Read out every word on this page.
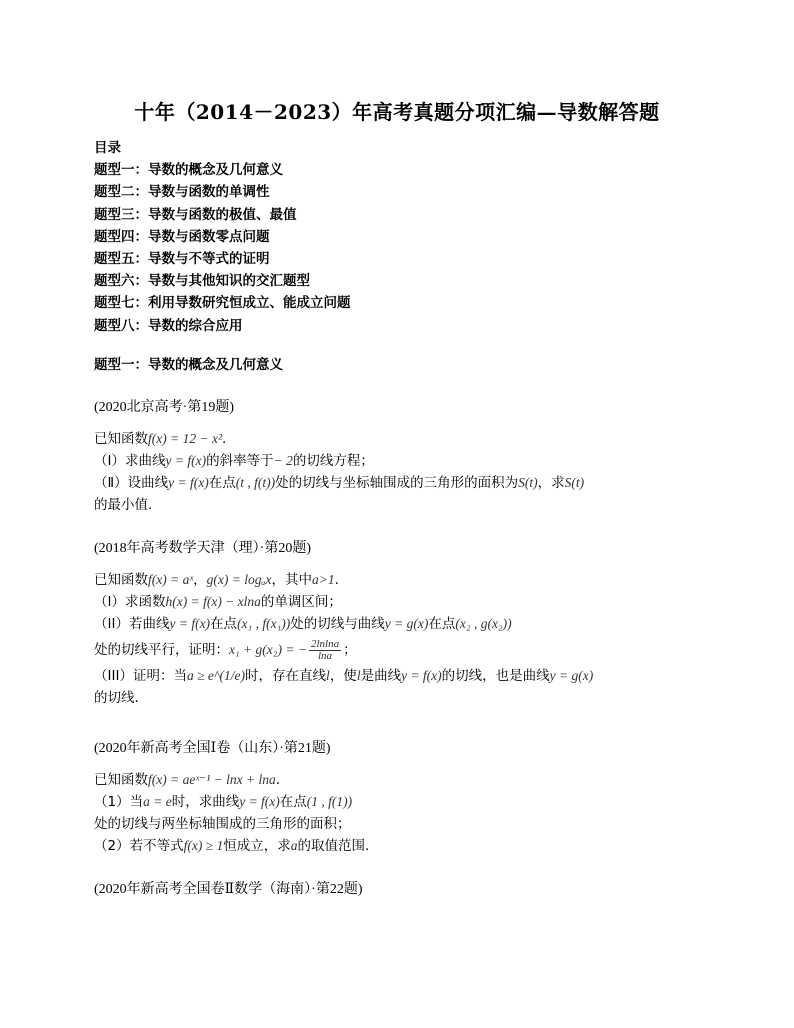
十年（2014－2023）年高考真题分项汇编—导数解答题
目录
题型一：导数的概念及几何意义
题型二：导数与函数的单调性
题型三：导数与函数的极值、最值
题型四：导数与函数零点问题
题型五：导数与不等式的证明
题型六：导数与其他知识的交汇题型
题型七：利用导数研究恒成立、能成立问题
题型八：导数的综合应用
题型一：导数的概念及几何意义
(2020北京高考·第19题)
已知函数f(x) = 12 − x².
（Ⅰ）求曲线y = f(x)的斜率等于− 2的切线方程；
（Ⅱ）设曲线y = f(x)在点(t , f(t))处的切线与坐标轴围成的三角形的面积为S(t)，求S(t)
的最小值.
(2018年高考数学天津（理）·第20题)
已知函数f(x) = aˣ，g(x) = logₐx，其中a>1.
（I）求函数h(x) = f(x) − xlna的单调区间；
（II）若曲线y = f(x)在点(x₁ , f(x₁))处的切线与曲线y = g(x)在点(x₂ , g(x₂))
处的切线平行，证明：x₁ + g(x₂) = − $\frac{2lnlna}{\ln a}$ ；
（III）证明：当a ≥ e^(1/e)时，存在直线l，使l是曲线y = f(x)的切线，也是曲线y = g(x)
的切线.
(2020年新高考全国Ⅰ卷（山东）·第21题)
已知函数f(x) = aeˣ⁻¹ − lnx + lna.
（1）当a = e时，求曲线y = f(x)在点(1 , f(1))
处的切线与两坐标轴围成的三角形的面积；
（2）若不等式f(x) ≥ 1恒成立，求a的取值范围.
(2020年新高考全国卷Ⅱ数学（海南）·第22题)
